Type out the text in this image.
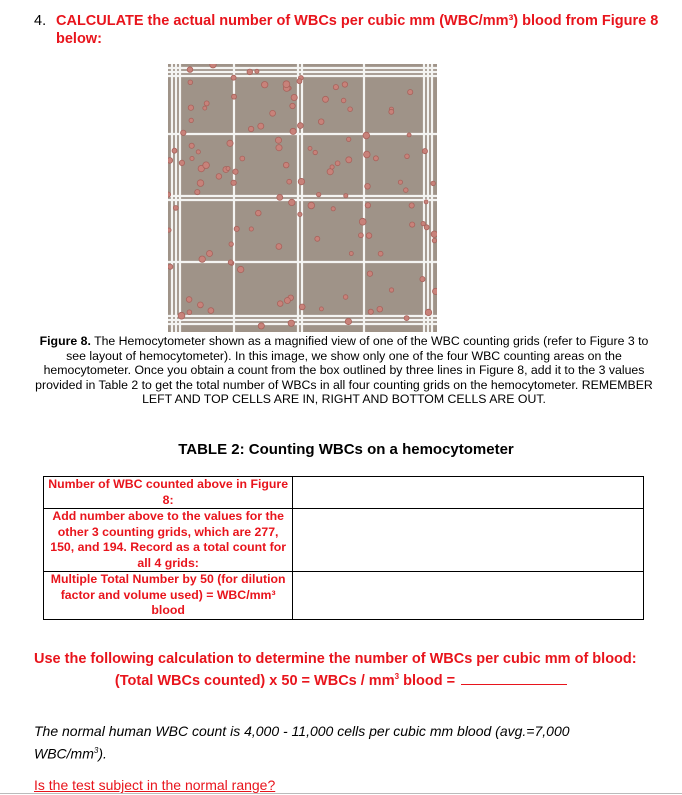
4. CALCULATE the actual number of WBCs per cubic mm (WBC/mm³) blood from Figure 8 below:
Figure 8. The Hemocytometer shown as a magnified view of one of the WBC counting grids (refer to Figure 3 to see layout of hemocytometer). In this image, we show only one of the four WBC counting areas on the hemocytometer. Once you obtain a count from the box outlined by three lines in Figure 8, add it to the 3 values provided in Table 2 to get the total number of WBCs in all four counting grids on the hemocytometer. REMEMBER LEFT AND TOP CELLS ARE IN, RIGHT AND BOTTOM CELLS ARE OUT.
TABLE 2: Counting WBCs on a hemocytometer
Number of WBC counted above in Figure 8:	
Add number above to the values for the other 3 counting grids, which are 277, 150, and 194. Record as a total count for all 4 grids:	
Multiple Total Number by 50 (for dilution factor and volume used) = WBC/mm³ blood	
Use the following calculation to determine the number of WBCs per cubic mm of blood:
(Total WBCs counted) x 50 = WBCs / $mm^3$ blood =
The normal human WBC count is 4,000 - 11,000 cells per cubic mm blood (avg.=7,000 WBC/$mm^3$).
Is the test subject in the normal range?
